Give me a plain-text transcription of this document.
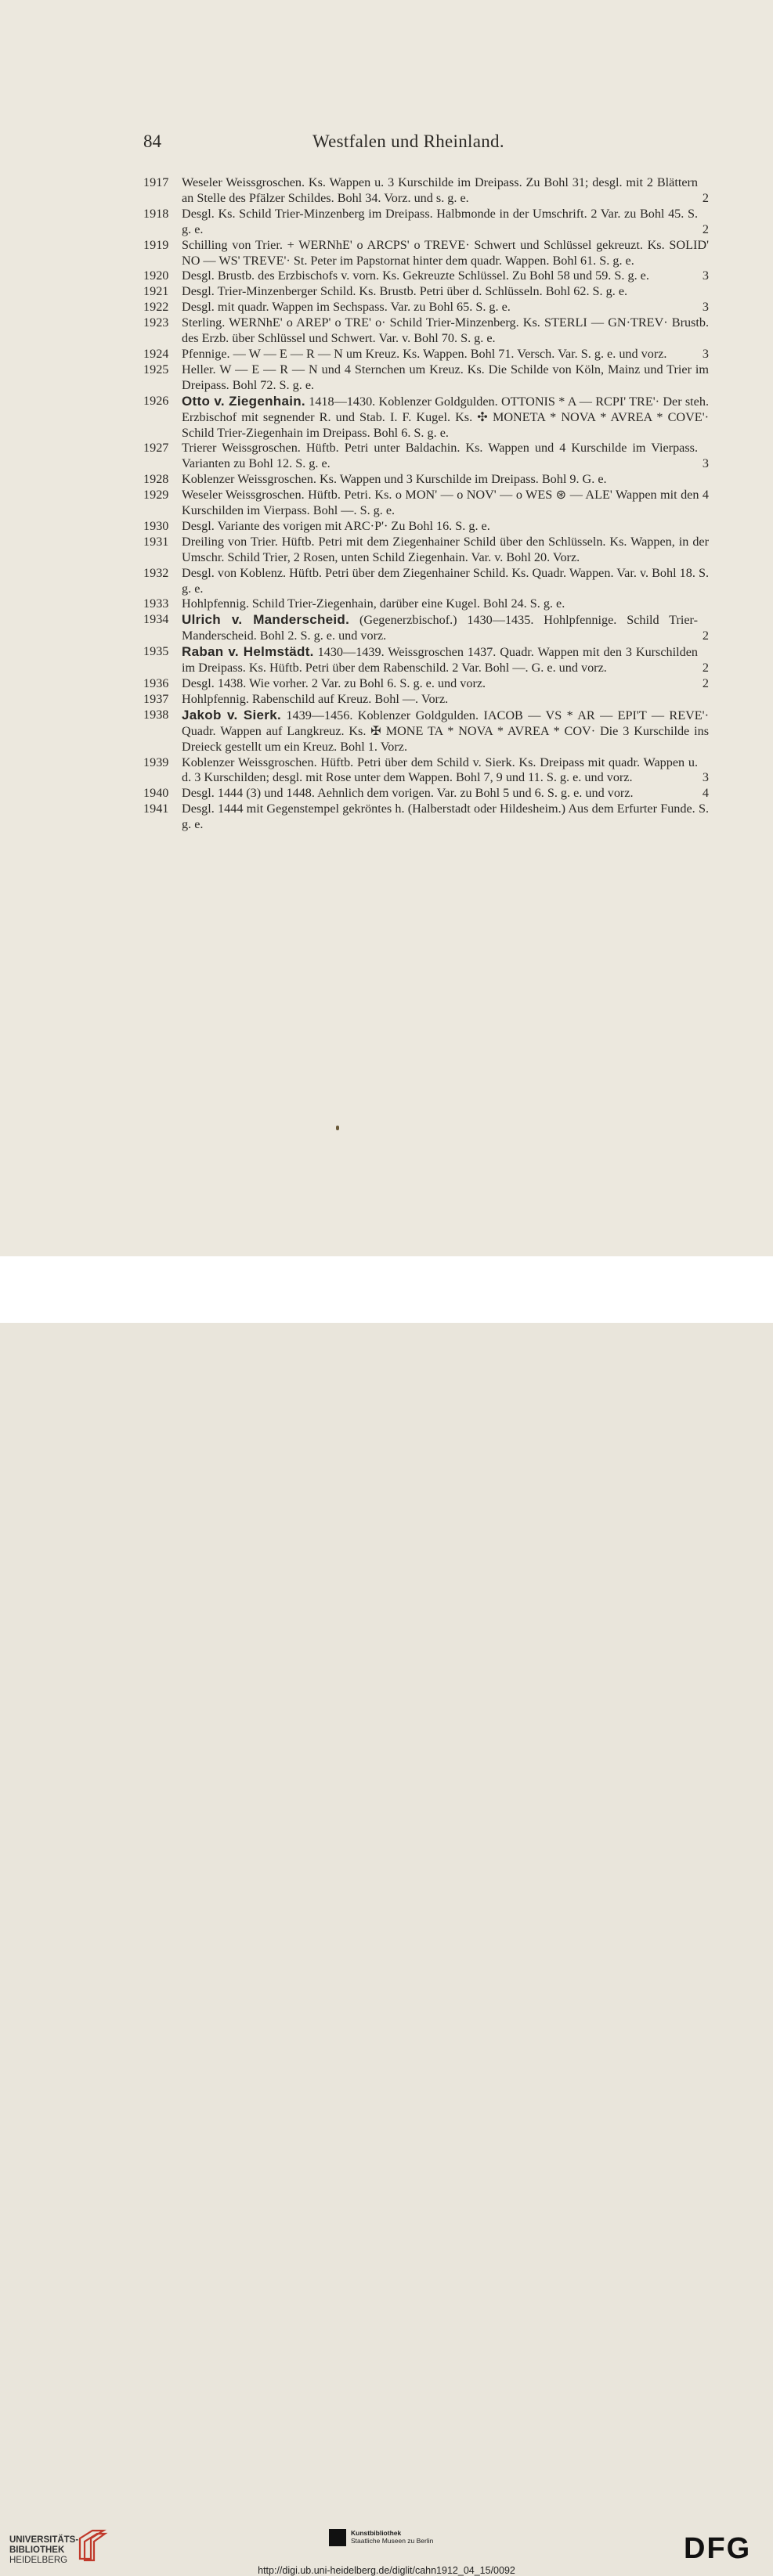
84	Westfalen und Rheinland.
1917 Weseler Weissgroschen. Ks. Wappen u. 3 Kurschilde im Dreipass. Zu Bohl 31; desgl. mit 2 Blättern an Stelle des Pfälzer Schildes. Bohl 34. Vorz. und s. g. e.	2
1918 Desgl. Ks. Schild Trier-Minzenberg im Dreipass. Halbmonde in der Umschrift. 2 Var. zu Bohl 45. S. g. e.	2
1919 Schilling von Trier. + WERNhE' o ARCPS' o TREVE· Schwert und Schlüssel gekreuzt. Ks. SOLID' NO — WS' TREVE'· St. Peter im Papstornat hinter dem quadr. Wappen. Bohl 61. S. g. e.
1920 Desgl. Brustb. des Erzbischofs v. vorn. Ks. Gekreuzte Schlüssel. Zu Bohl 58 und 59. S. g. e.	3
1921 Desgl. Trier-Minzenberger Schild. Ks. Brustb. Petri über d. Schlüsseln. Bohl 62. S. g. e.
1922 Desgl. mit quadr. Wappen im Sechspass. Var. zu Bohl 65. S. g. e.	3
1923 Sterling. WERNhE' o AREP' o TRE' o· Schild Trier-Minzenberg. Ks. STERLI — GN·TREV· Brustb. des Erzb. über Schlüssel und Schwert. Var. v. Bohl 70. S. g. e.
1924 Pfennige. — W — E — R — N um Kreuz. Ks. Wappen. Bohl 71. Versch. Var. S. g. e. und vorz.	3
1925 Heller. W — E — R — N und 4 Sternchen um Kreuz. Ks. Die Schilde von Köln, Mainz und Trier im Dreipass. Bohl 72. S. g. e.
1926 Otto v. Ziegenhain. 1418—1430. Koblenzer Goldgulden. OTTONIS * A — RCPI' TRE'· Der steh. Erzbischof mit segnender R. und Stab. I. F. Kugel. Ks. ✣ MONETA * NOVA * AVREA * COVE'· Schild Trier-Ziegenhain im Dreipass. Bohl 6. S. g. e.
1927 Trierer Weissgroschen. Hüftb. Petri unter Baldachin. Ks. Wappen und 4 Kurschilde im Vierpass. Varianten zu Bohl 12. S. g. e.	3
1928 Koblenzer Weissgroschen. Ks. Wappen und 3 Kurschilde im Dreipass. Bohl 9. G. e.
1929 Weseler Weissgroschen. Hüftb. Petri. Ks. o MON' — o NOV' — o WES ⊛ — ALE' Wappen mit den 4 Kurschilden im Vierpass. Bohl —. S. g. e.
1930 Desgl. Variante des vorigen mit ARC·P'· Zu Bohl 16. S. g. e.
1931 Dreiling von Trier. Hüftb. Petri mit dem Ziegenhainer Schild über den Schlüsseln. Ks. Wappen, in der Umschr. Schild Trier, 2 Rosen, unten Schild Ziegenhain. Var. v. Bohl 20. Vorz.
1932 Desgl. von Koblenz. Hüftb. Petri über dem Ziegenhainer Schild. Ks. Quadr. Wappen. Var. v. Bohl 18. S. g. e.
1933 Hohlpfennig. Schild Trier-Ziegenhain, darüber eine Kugel. Bohl 24. S. g. e.
1934 Ulrich v. Manderscheid. (Gegenerzbischof.) 1430—1435. Hohlpfennige. Schild Trier-Manderscheid. Bohl 2. S. g. e. und vorz.	2
1935 Raban v. Helmstädt. 1430—1439. Weissgroschen 1437. Quadr. Wappen mit den 3 Kurschilden im Dreipass. Ks. Hüftb. Petri über dem Rabenschild. 2 Var. Bohl —. G. e. und vorz.	2
1936 Desgl. 1438. Wie vorher. 2 Var. zu Bohl 6. S. g. e. und vorz.	2
1937 Hohlpfennig. Rabenschild auf Kreuz. Bohl —. Vorz.
1938 Jakob v. Sierk. 1439—1456. Koblenzer Goldgulden. IACOB — VS * AR — EPI'T — REVE'· Quadr. Wappen auf Langkreuz. Ks. ✠ MONE TA * NOVA * AVREA * COV· Die 3 Kurschilde ins Dreieck gestellt um ein Kreuz. Bohl 1. Vorz.
1939 Koblenzer Weissgroschen. Hüftb. Petri über dem Schild v. Sierk. Ks. Dreipass mit quadr. Wappen u. d. 3 Kurschilden; desgl. mit Rose unter dem Wappen. Bohl 7, 9 und 11. S. g. e. und vorz.	3
1940 Desgl. 1444 (3) und 1448. Aehnlich dem vorigen. Var. zu Bohl 5 und 6. S. g. e. und vorz.	4
1941 Desgl. 1444 mit Gegenstempel gekröntes h. (Halberstadt oder Hildesheim.) Aus dem Erfurter Funde. S. g. e.
UNIVERSITÄTS-
BIBLIOTHEK
HEIDELBERG
Kunstbibliothek
Staatliche Museen zu Berlin	DFG
http://digi.ub.uni-heidelberg.de/diglit/cahn1912_04_15/0092
